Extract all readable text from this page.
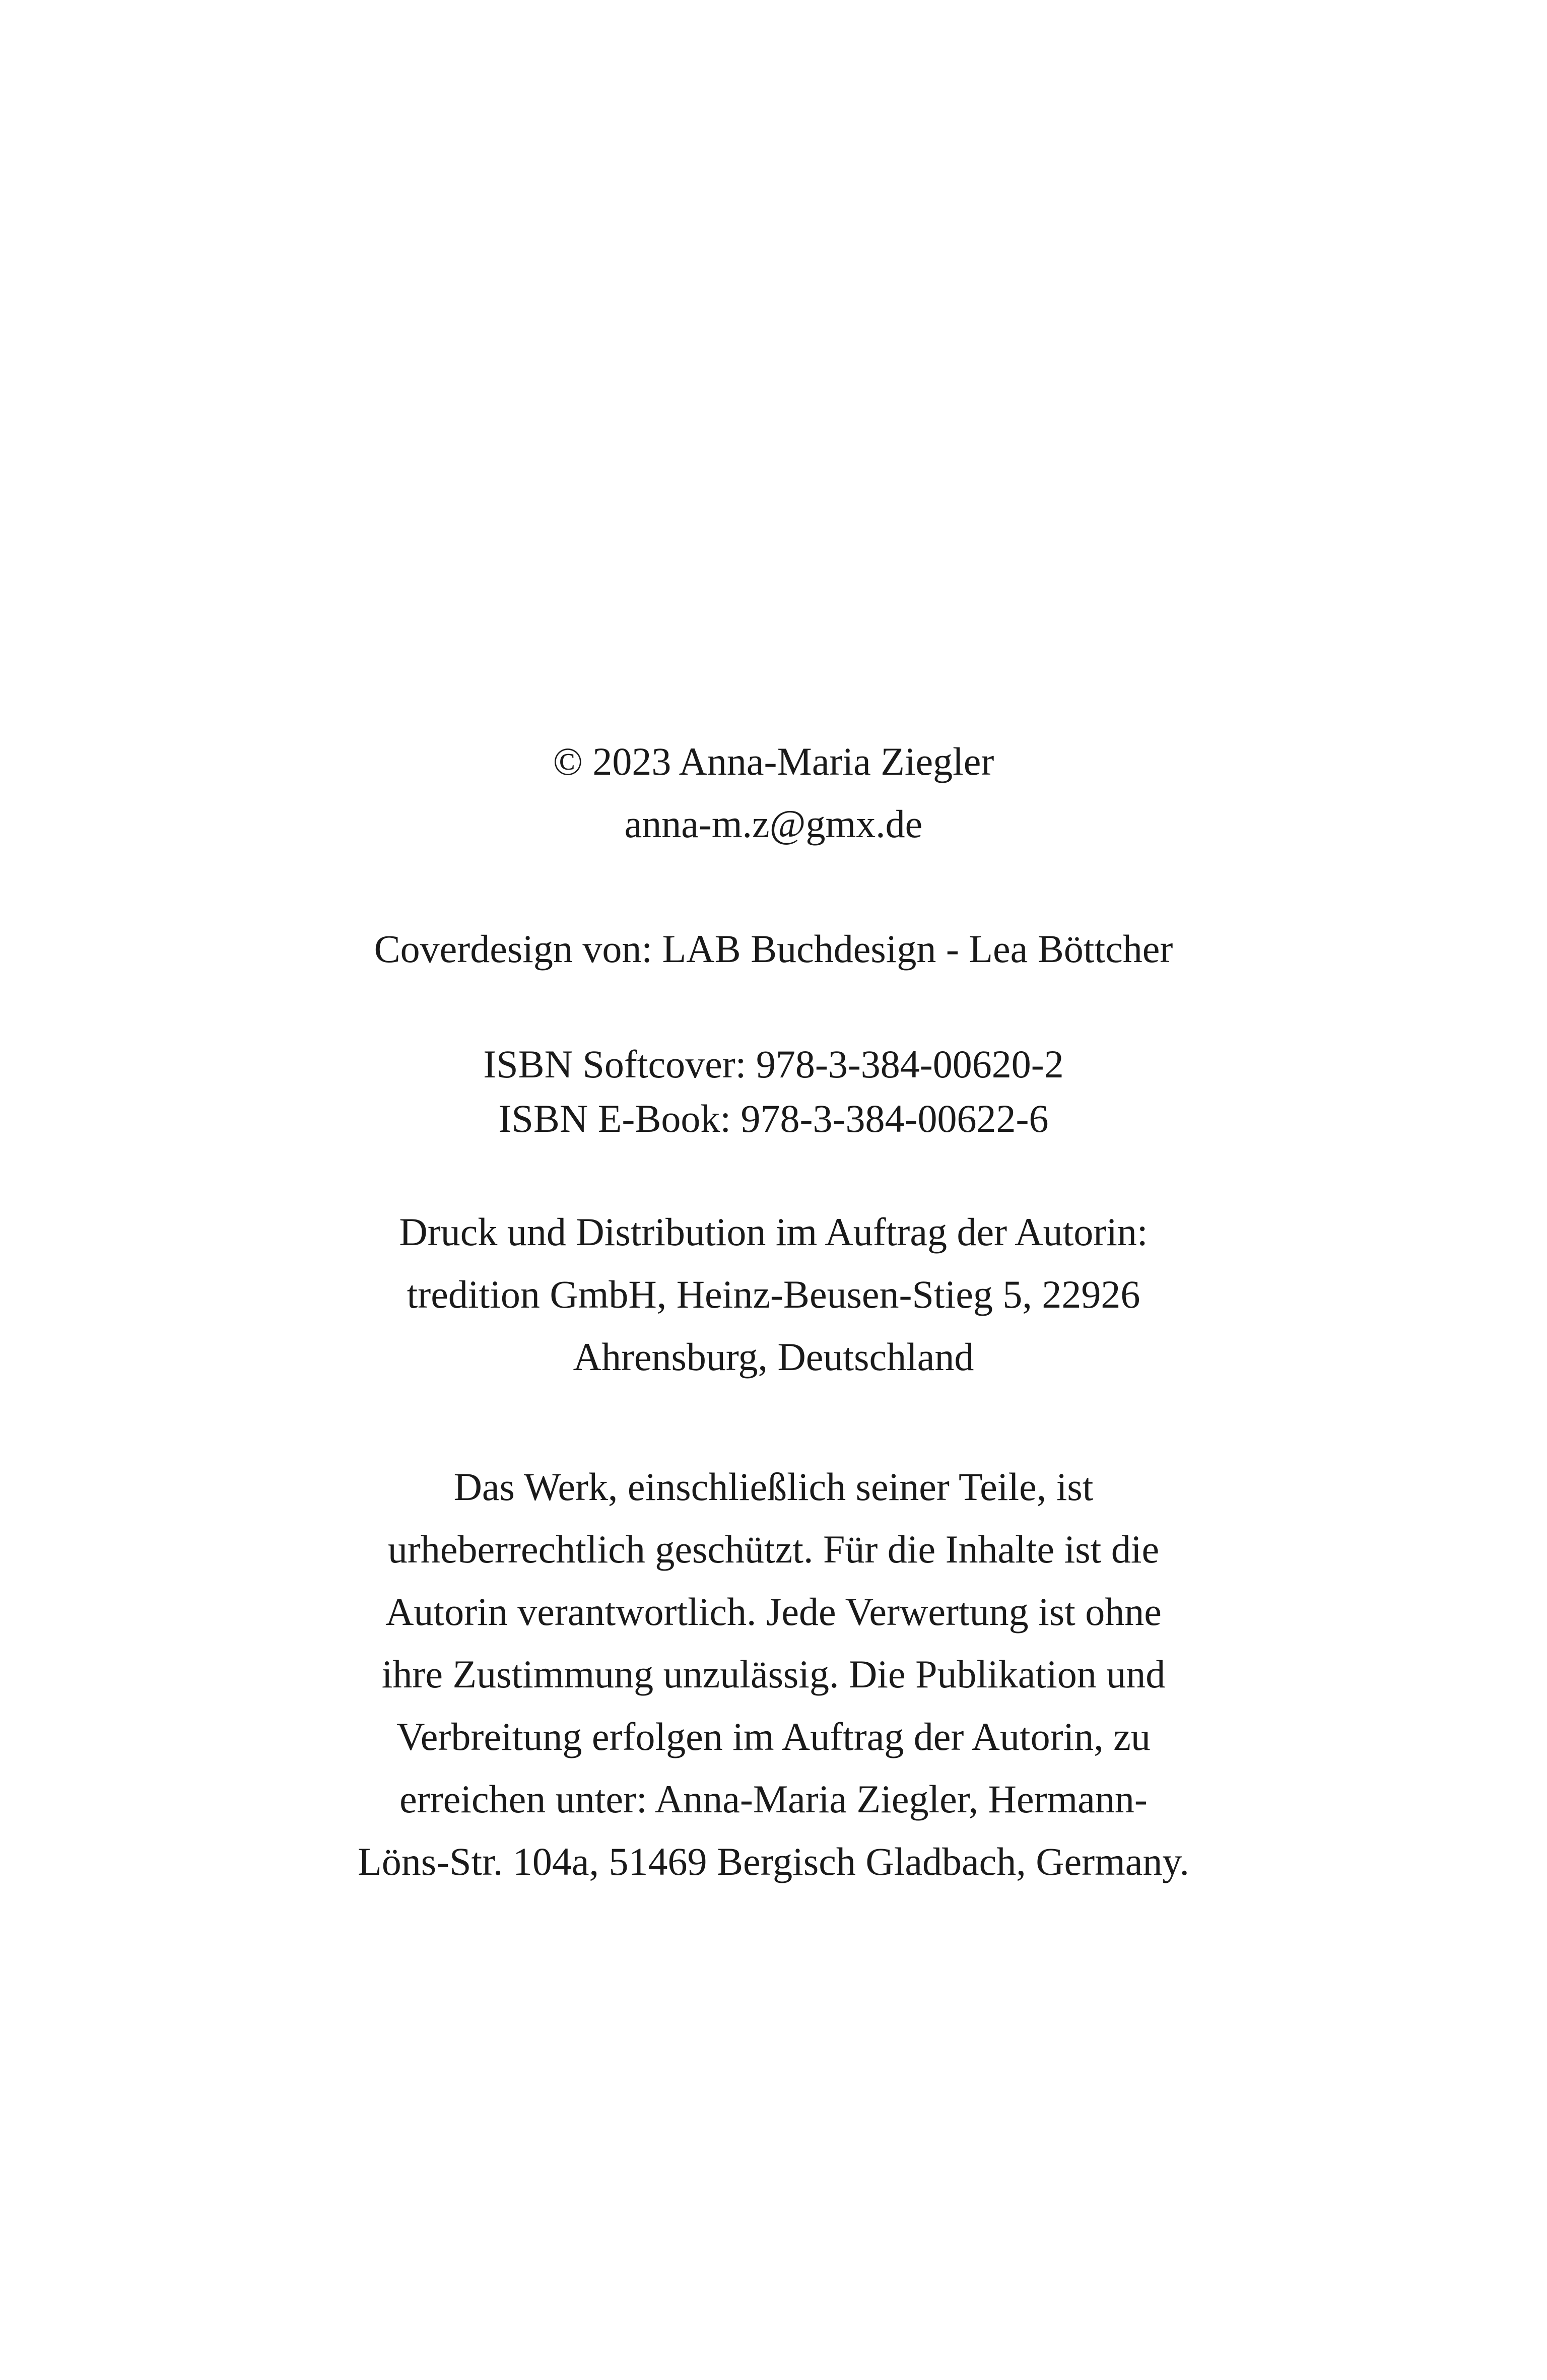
© 2023 Anna-Maria Ziegler
anna-m.z@gmx.de
Coverdesign von: LAB Buchdesign - Lea Böttcher
ISBN Softcover: 978-3-384-00620-2
ISBN E-Book: 978-3-384-00622-6
Druck und Distribution im Auftrag der Autorin:
tredition GmbH, Heinz-Beusen-Stieg 5, 22926
Ahrensburg, Deutschland
Das Werk, einschließlich seiner Teile, ist
urheberrechtlich geschützt. Für die Inhalte ist die
Autorin verantwortlich. Jede Verwertung ist ohne
ihre Zustimmung unzulässig. Die Publikation und
Verbreitung erfolgen im Auftrag der Autorin, zu
erreichen unter: Anna-Maria Ziegler, Hermann-
Löns-Str. 104a, 51469 Bergisch Gladbach, Germany.
